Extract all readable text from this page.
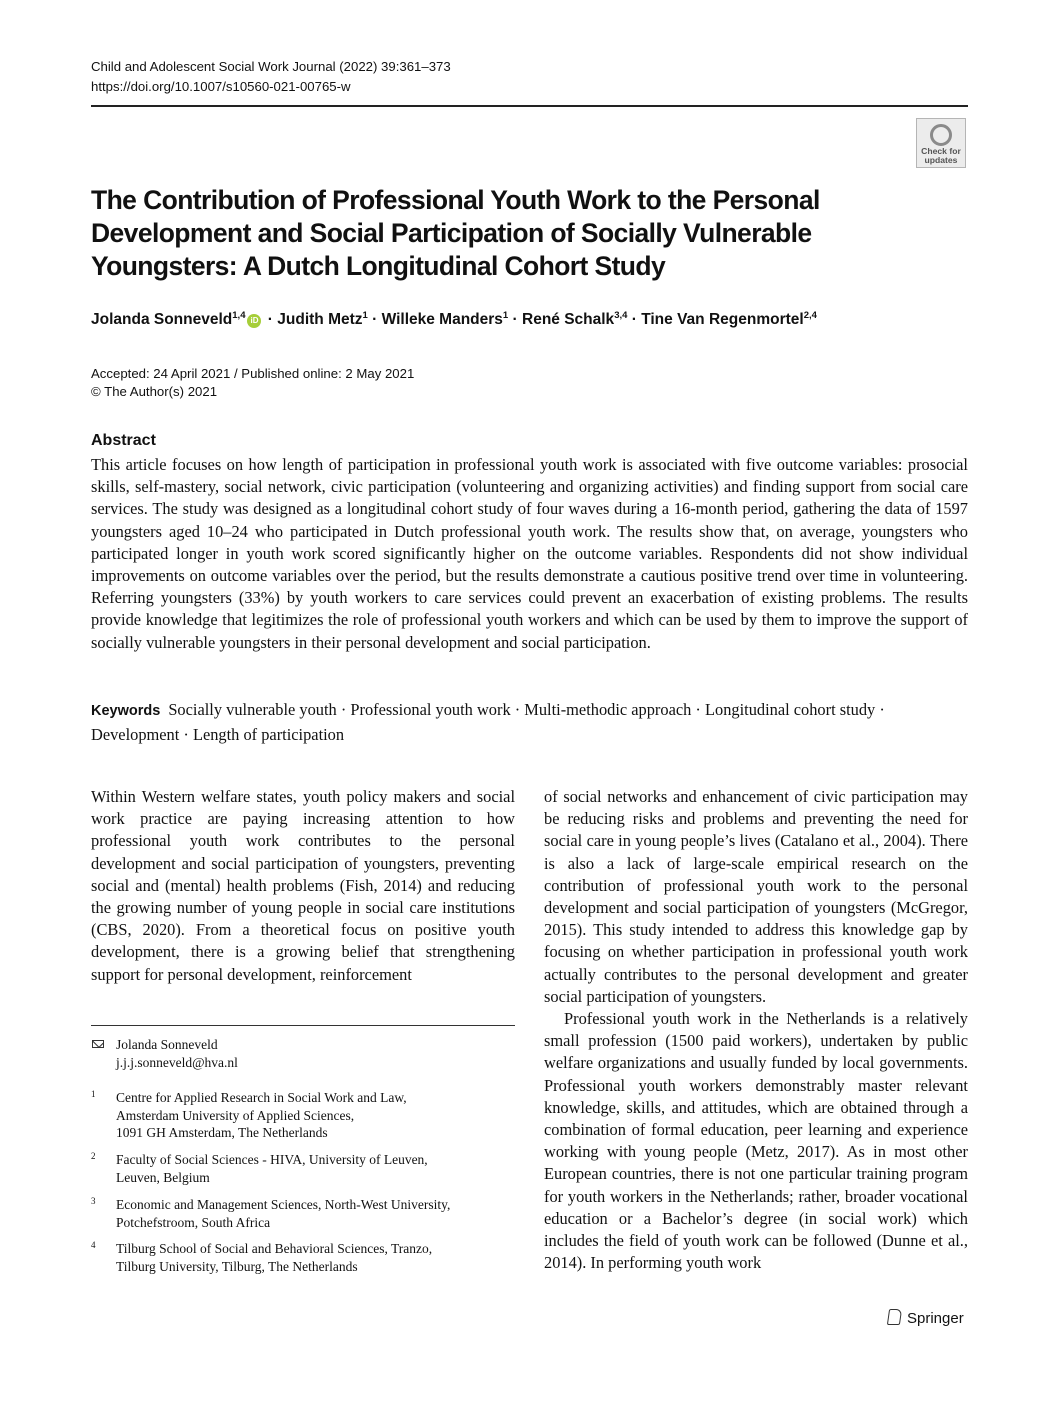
Child and Adolescent Social Work Journal (2022) 39:361–373
https://doi.org/10.1007/s10560-021-00765-w
Check for
updates
The Contribution of Professional Youth Work to the Personal Development and Social Participation of Socially Vulnerable Youngsters: A Dutch Longitudinal Cohort Study
Jolanda Sonneveld$^{1,4}$ iD · Judith Metz$^1$ · Willeke Manders$^1$ · René Schalk$^{3,4}$ · Tine Van Regenmortel$^{2,4}$
Accepted: 24 April 2021 / Published online: 2 May 2021
© The Author(s) 2021
Abstract
This article focuses on how length of participation in professional youth work is associated with five outcome variables: prosocial skills, self-mastery, social network, civic participation (volunteering and organizing activities) and finding support from social care services. The study was designed as a longitudinal cohort study of four waves during a 16-month period, gathering the data of 1597 youngsters aged 10–24 who participated in Dutch professional youth work. The results show that, on average, youngsters who participated longer in youth work scored significantly higher on the outcome variables. Respondents did not show individual improvements on outcome variables over the period, but the results demonstrate a cautious positive trend over time in volunteering. Referring youngsters (33%) by youth workers to care services could prevent an exacerbation of existing problems. The results provide knowledge that legitimizes the role of professional youth workers and which can be used by them to improve the support of socially vulnerable youngsters in their personal development and social participation.
Keywords Socially vulnerable youth · Professional youth work · Multi-methodic approach · Longitudinal cohort study · Development · Length of participation

Within Western welfare states, youth policy makers and social work practice are paying increasing attention to how professional youth work contributes to the personal development and social participation of youngsters, preventing social and (mental) health problems (Fish, 2014) and reducing the growing number of young people in social care institutions (CBS, 2020). From a theoretical focus on positive youth development, there is a growing belief that strengthening support for personal development, reinforcement

of social networks and enhancement of civic participation may be reducing risks and problems and preventing the need for social care in young people’s lives (Catalano et al., 2004). There is also a lack of large-scale empirical research on the contribution of professional youth work to the personal development and social participation of youngsters (McGregor, 2015). This study intended to address this knowledge gap by focusing on whether participation in professional youth work actually contributes to the personal development and greater social participation of youngsters.

Professional youth work in the Netherlands is a relatively small profession (1500 paid workers), undertaken by public welfare organizations and usually funded by local governments. Professional youth workers demonstrably master relevant knowledge, skills, and attitudes, which are obtained through a combination of formal education, peer learning and experience working with young people (Metz, 2017). As in most other European countries, there is not one particular training program for youth workers in the Netherlands; rather, broader vocational education or a Bachelor’s degree (in social work) which includes the field of youth work can be followed (Dunne et al., 2014). In performing youth work

Jolanda Sonneveld
j.j.j.sonneveld@hva.nl
1 Centre for Applied Research in Social Work and Law,
Amsterdam University of Applied Sciences,
1091 GH Amsterdam, The Netherlands
2 Faculty of Social Sciences - HIVA, University of Leuven,
Leuven, Belgium
3 Economic and Management Sciences, North-West University,
Potchefstroom, South Africa
4 Tilburg School of Social and Behavioral Sciences, Tranzo,
Tilburg University, Tilburg, The Netherlands
Springer
